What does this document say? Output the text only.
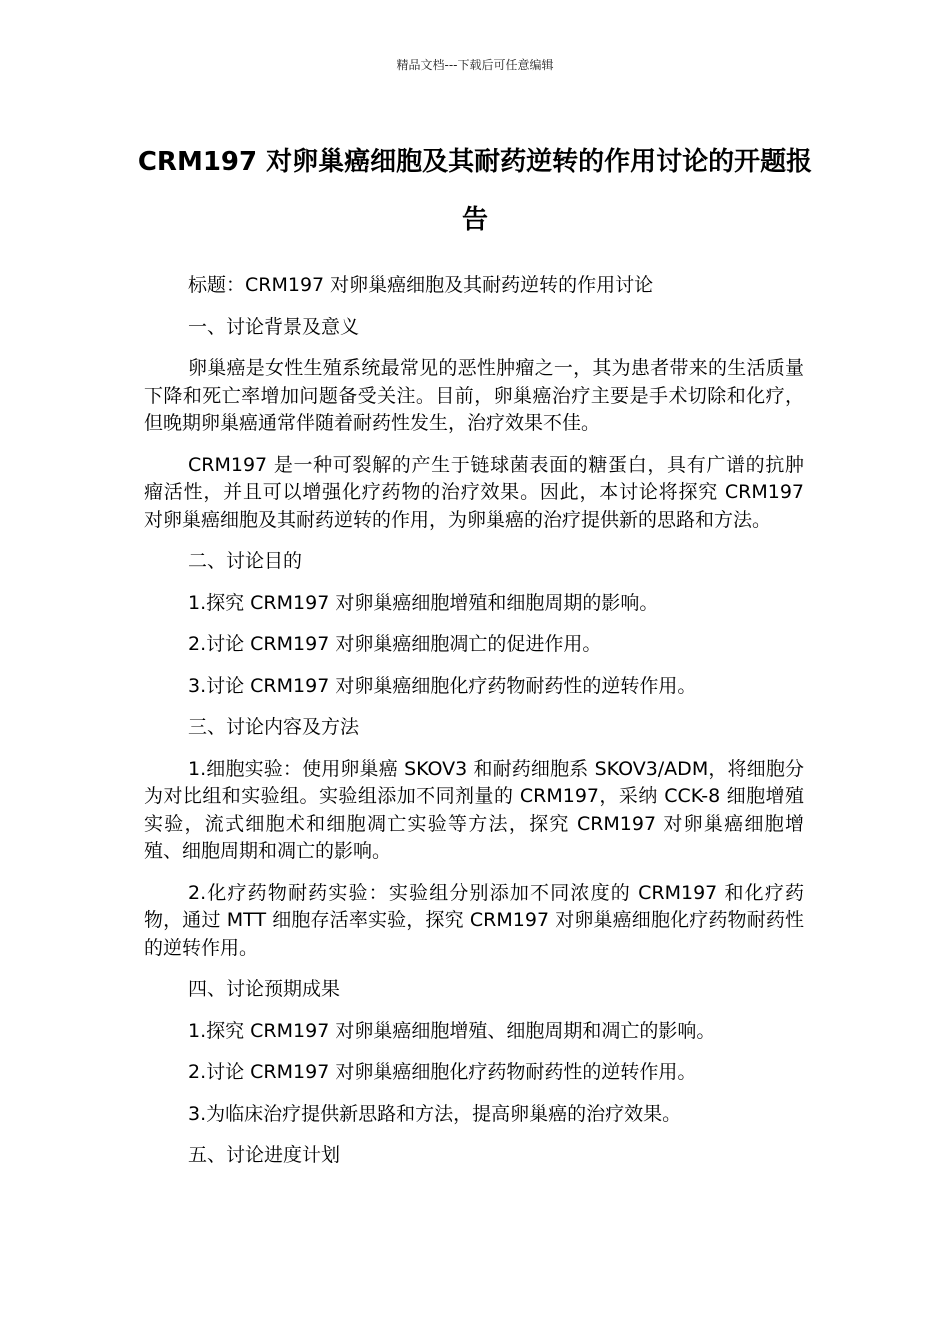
精品文档---下载后可任意编辑
CRM197 对卵巢癌细胞及其耐药逆转的作用讨论的开题报告

标题：CRM197 对卵巢癌细胞及其耐药逆转的作用讨论

一、讨论背景及意义

卵巢癌是女性生殖系统最常见的恶性肿瘤之一，其为患者带来的生活质量下降和死亡率增加问题备受关注。目前，卵巢癌治疗主要是手术切除和化疗，但晚期卵巢癌通常伴随着耐药性发生，治疗效果不佳。

CRM197 是一种可裂解的产生于链球菌表面的糖蛋白，具有广谱的抗肿瘤活性，并且可以增强化疗药物的治疗效果。因此，本讨论将探究 CRM197 对卵巢癌细胞及其耐药逆转的作用，为卵巢癌的治疗提供新的思路和方法。

二、讨论目的

1.探究 CRM197 对卵巢癌细胞增殖和细胞周期的影响。

2.讨论 CRM197 对卵巢癌细胞凋亡的促进作用。

3.讨论 CRM197 对卵巢癌细胞化疗药物耐药性的逆转作用。

三、讨论内容及方法

1.细胞实验：使用卵巢癌 SKOV3 和耐药细胞系 SKOV3/ADM，将细胞分为对比组和实验组。实验组添加不同剂量的 CRM197，采纳 CCK-8 细胞增殖实验，流式细胞术和细胞凋亡实验等方法，探究 CRM197 对卵巢癌细胞增殖、细胞周期和凋亡的影响。

2.化疗药物耐药实验：实验组分别添加不同浓度的 CRM197 和化疗药物，通过 MTT 细胞存活率实验，探究 CRM197 对卵巢癌细胞化疗药物耐药性的逆转作用。

四、讨论预期成果

1.探究 CRM197 对卵巢癌细胞增殖、细胞周期和凋亡的影响。

2.讨论 CRM197 对卵巢癌细胞化疗药物耐药性的逆转作用。

3.为临床治疗提供新思路和方法，提高卵巢癌的治疗效果。

五、讨论进度计划
